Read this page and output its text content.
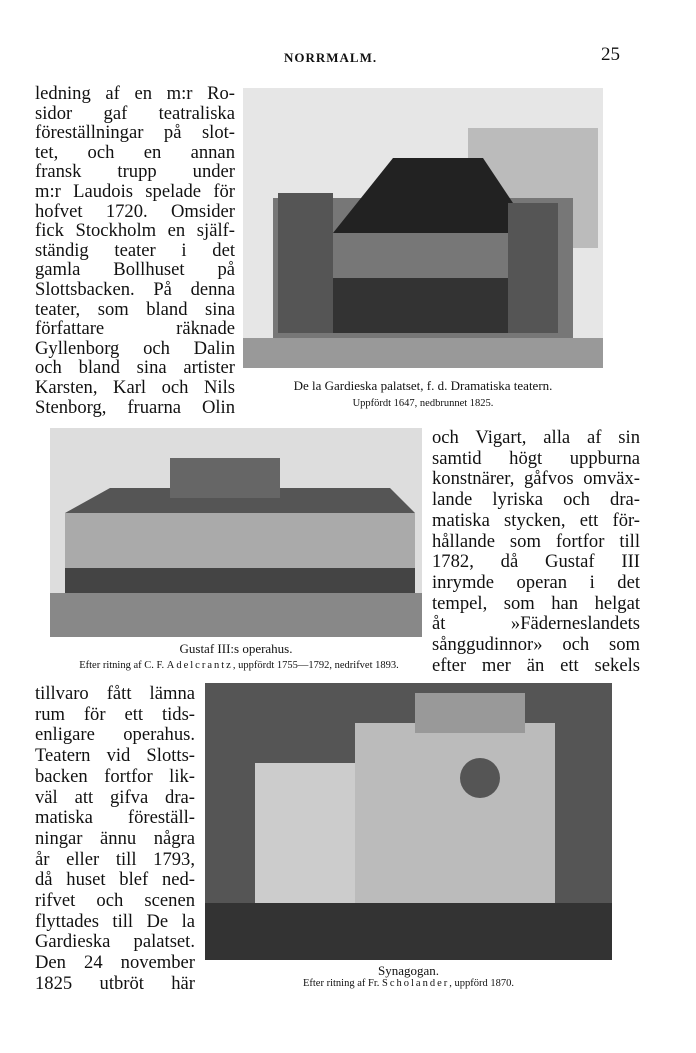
NORRMALM.	25
ledning af en m:r Ro-
sidor gaf teatraliska
föreställningar på slot-
tet, och en annan
fransk trupp under
m:r Laudois spelade för
hofvet 1720. Omsider
fick Stockholm en själf-
ständig teater i det
gamla Bollhuset på
Slottsbacken. På denna
teater, som bland sina
författare räknade
Gyllenborg och Dalin
och bland sina artister
Karsten, Karl och Nils
Stenborg, fruarna Olin
och Vigart, alla af sin
samtid högt uppburna
konstnärer, gåfvos omväx-
lande lyriska och dra-
matiska stycken, ett för-
hållande som fortfor till
1782, då Gustaf III
inrymde operan i det
tempel, som han helgat
åt »Fäderneslandets
sånggudinnor» och som
efter mer än ett sekels
tillvaro fått lämna
rum för ett tids-
enligare operahus.
Teatern vid Slotts-
backen fortfor lik-
väl att gifva dra-
matiska föreställ-
ningar ännu några
år eller till 1793,
då huset blef ned-
rifvet och scenen
flyttades till De la
Gardieska palatset.
Den 24 november
1825 utbröt här
De la Gardieska palatset, f. d. Dramatiska teatern.
Uppfördt 1647, nedbrunnet 1825.
Gustaf III:s operahus.
Efter ritning af C. F. Adelcrantz, uppfördt 1755—1792, nedrifvet 1893.
Synagogan.
Efter ritning af Fr. Scholander, uppförd 1870.
